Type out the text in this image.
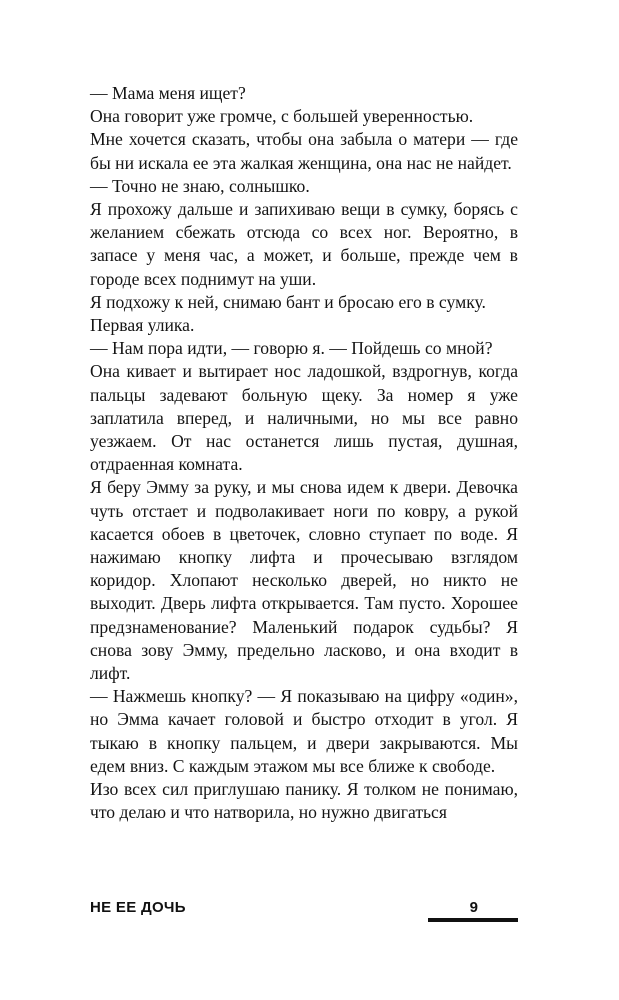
— Мама меня ищет?

Она говорит уже громче, с большей уверенностью.

Мне хочется сказать, чтобы она забыла о матери — где бы ни искала ее эта жалкая женщина, она нас не найдет.

— Точно не знаю, солнышко.

Я прохожу дальше и запихиваю вещи в сумку, борясь с желанием сбежать отсюда со всех ног. Вероятно, в запасе у меня час, а может, и больше, прежде чем в городе всех поднимут на уши.

Я подхожу к ней, снимаю бант и бросаю его в сумку.

Первая улика.

— Нам пора идти, — говорю я. — Пойдешь со мной?

Она кивает и вытирает нос ладошкой, вздрогнув, когда пальцы задевают больную щеку. За номер я уже заплатила вперед, и наличными, но мы все равно уезжаем. От нас останется лишь пустая, душная, отдраенная комната.

Я беру Эмму за руку, и мы снова идем к двери. Девочка чуть отстает и подволакивает ноги по ковру, а рукой касается обоев в цветочек, словно ступает по воде. Я нажимаю кнопку лифта и прочесываю взглядом коридор. Хлопают несколько дверей, но никто не выходит. Дверь лифта открывается. Там пусто. Хорошее предзнаменование? Маленький подарок судьбы? Я снова зову Эмму, предельно ласково, и она входит в лифт.

— Нажмешь кнопку? — Я показываю на цифру «один», но Эмма качает головой и быстро отходит в угол. Я тыкаю в кнопку пальцем, и двери закрываются. Мы едем вниз. С каждым этажом мы все ближе к свободе.

Изо всех сил приглушаю панику. Я толком не понимаю, что делаю и что натворила, но нужно двигаться

НЕ ЕЕ ДОЧЬ	9
